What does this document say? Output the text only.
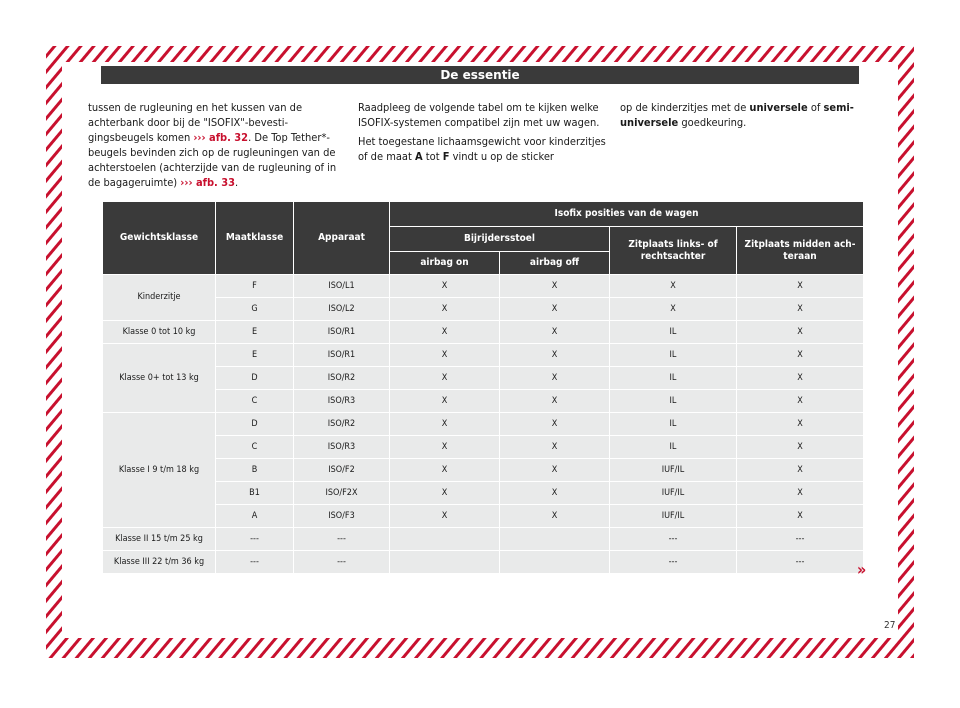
De essentie

tussen de rugleuning en het kussen van de achterbank door bij de "ISOFIX"-bevestigingsbeugels komen ››› afb. 32. De Top Tether*-beugels bevinden zich op de rugleuningen van de achterstoelen (achterzijde van de rugleuning of in de bagageruimte) ››› afb. 33.

Raadpleeg de volgende tabel om te kijken welke ISOFIX-systemen compatibel zijn met uw wagen.

Het toegestane lichaamsgewicht voor kinderzitjes of de maat A tot F vindt u op de sticker

op de kinderzitjes met de universele of semi-universele goedkeuring.

Gewichtsklasse	Maatklasse	Apparaat	Isofix posities van de wagen			
			Bijrijdersstoel		Zitplaats links- of rechtsachter	Zitplaats midden achteraan
			airbag on	airbag off		
Kinderzitje	F	ISO/L1	X	X	X	X
	G	ISO/L2	X	X	X	X
Klasse 0 tot 10 kg	E	ISO/R1	X	X	IL	X
Klasse 0+ tot 13 kg	E	ISO/R1	X	X	IL	X
	D	ISO/R2	X	X	IL	X
	C	ISO/R3	X	X	IL	X
Klasse I 9 t/m 18 kg	D	ISO/R2	X	X	IL	X
	C	ISO/R3	X	X	IL	X
	B	ISO/F2	X	X	IUF/IL	X
	B1	ISO/F2X	X	X	IUF/IL	X
	A	ISO/F3	X	X	IUF/IL	X
Klasse II 15 t/m 25 kg	---	---			---	---
Klasse III 22 t/m 36 kg	---	---			---	---	»
27
